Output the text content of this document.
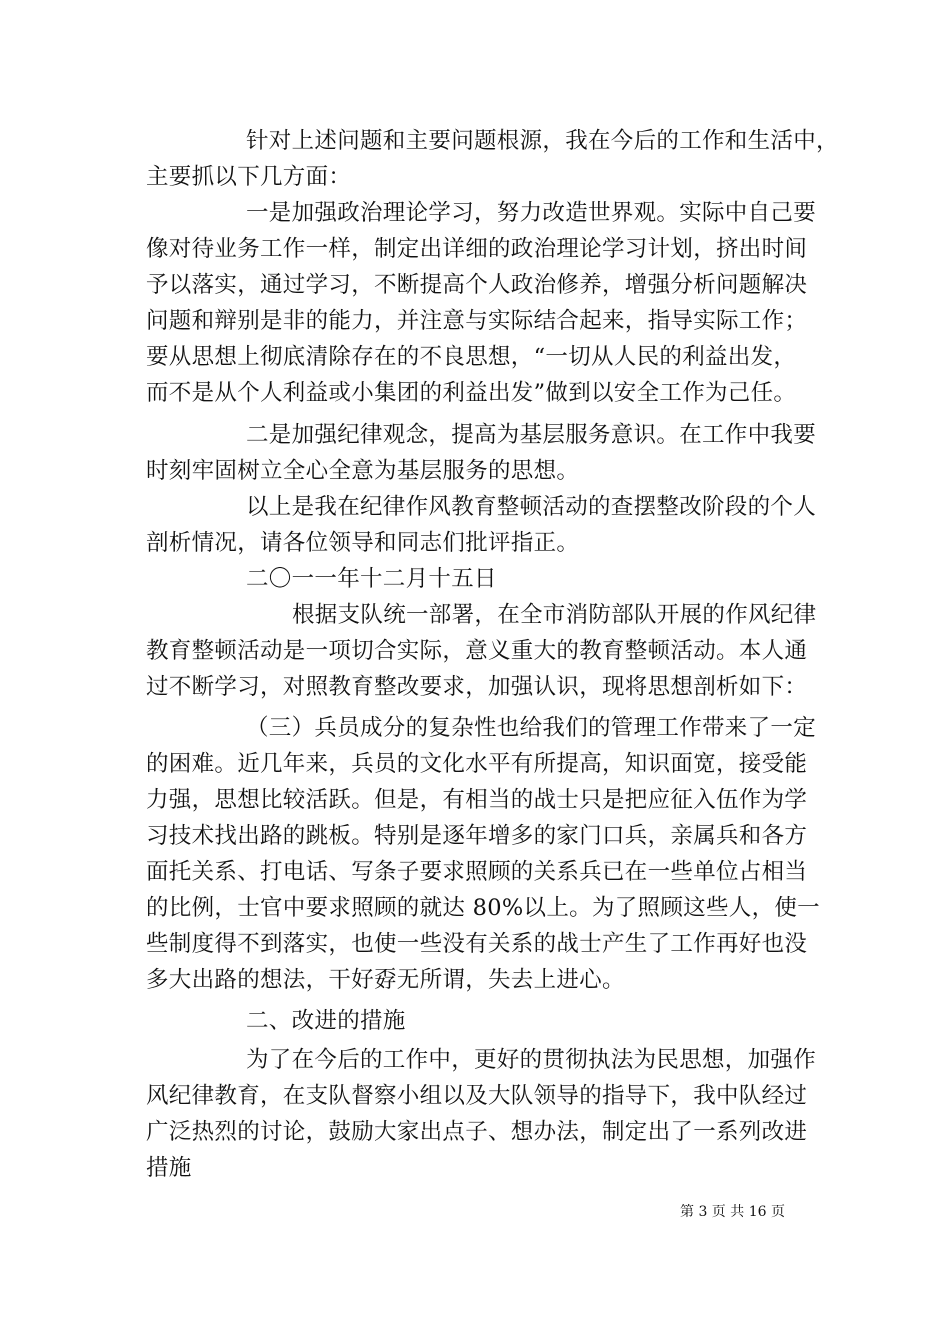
针对上述问题和主要问题根源，我在今后的工作和生活中，
主要抓以下几方面：
一是加强政治理论学习，努力改造世界观。实际中自己要
像对待业务工作一样，制定出详细的政治理论学习计划，挤出时间
予以落实，通过学习，不断提高个人政治修养，增强分析问题解决
问题和辩别是非的能力，并注意与实际结合起来，指导实际工作；
要从思想上彻底清除存在的不良思想，“一切从人民的利益出发，
而不是从个人利益或小集团的利益出发”做到以安全工作为己任。
二是加强纪律观念，提高为基层服务意识。在工作中我要
时刻牢固树立全心全意为基层服务的思想。
以上是我在纪律作风教育整顿活动的查摆整改阶段的个人
剖析情况，请各位领导和同志们批评指正。
二〇一一年十二月十五日
根据支队统一部署，在全市消防部队开展的作风纪律
教育整顿活动是一项切合实际，意义重大的教育整顿活动。本人通
过不断学习，对照教育整改要求，加强认识，现将思想剖析如下：
（三）兵员成分的复杂性也给我们的管理工作带来了一定
的困难。近几年来，兵员的文化水平有所提高，知识面宽，接受能
力强，思想比较活跃。但是，有相当的战士只是把应征入伍作为学
习技术找出路的跳板。特别是逐年增多的家门口兵，亲属兵和各方
面托关系、打电话、写条子要求照顾的关系兵已在一些单位占相当
的比例，士官中要求照顾的就达 80%以上。为了照顾这些人，使一
些制度得不到落实，也使一些没有关系的战士产生了工作再好也没
多大出路的想法，干好孬无所谓，失去上进心。
二、改进的措施
为了在今后的工作中，更好的贯彻执法为民思想，加强作
风纪律教育，在支队督察小组以及大队领导的指导下，我中队经过
广泛热烈的讨论，鼓励大家出点子、想办法，制定出了一系列改进
措施
第 3 页 共 16 页
